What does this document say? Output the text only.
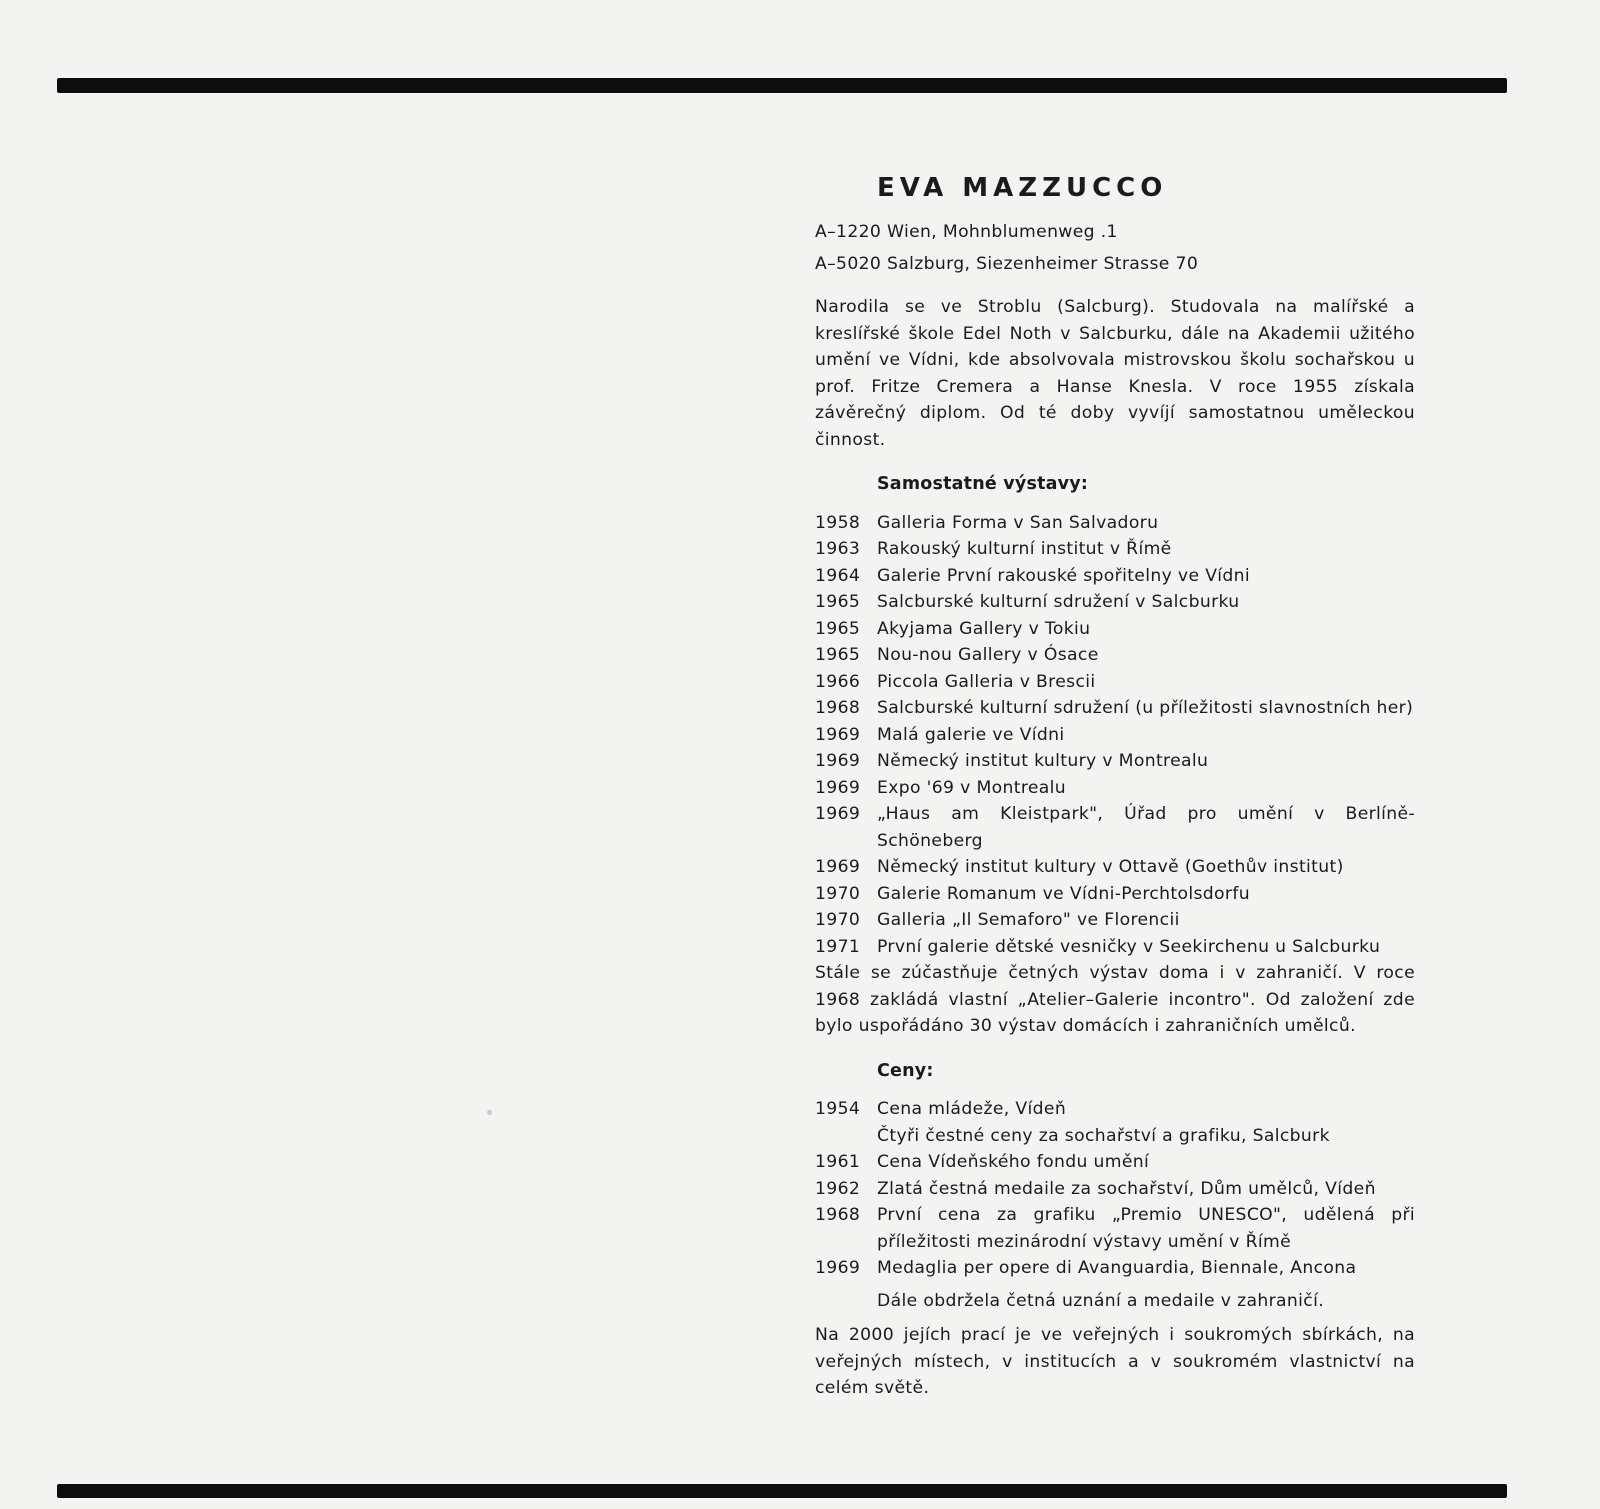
EVA MAZZUCCO

A–1220 Wien, Mohnblumenweg .1

A–5020 Salzburg, Siezenheimer Strasse 70

Narodila se ve Stroblu (Salcburg). Studovala na malířské a kreslířské škole Edel Noth v Salcburku, dále na Akademii užitého umění ve Vídni, kde absolvovala mistrovskou školu sochařskou u prof. Fritze Cremera a Hanse Knesla. V roce 1955 získala závěrečný diplom. Od té doby vyvíjí samostatnou uměleckou činnost.

Samostatné výstavy:
1958 Galleria Forma v San Salvadoru
1963 Rakouský kulturní institut v Římě
1964 Galerie První rakouské spořitelny ve Vídni
1965 Salcburské kulturní sdružení v Salcburku
1965 Akyjama Gallery v Tokiu
1965 Nou-nou Gallery v Ósace
1966 Piccola Galleria v Brescii
1968 Salcburské kulturní sdružení (u příležitosti slavnostních her)
1969 Malá galerie ve Vídni
1969 Německý institut kultury v Montrealu
1969 Expo '69 v Montrealu
1969 „Haus am Kleistpark", Úřad pro umění v Berlíně-Schöneberg
1969 Německý institut kultury v Ottavě (Goethův institut)
1970 Galerie Romanum ve Vídni-Perchtolsdorfu
1970 Galleria „Il Semaforo" ve Florencii
1971 První galerie dětské vesničky v Seekirchenu u Salcburku

Stále se zúčastňuje četných výstav doma i v zahraničí. V roce 1968 zakládá vlastní „Atelier–Galerie incontro". Od založení zde bylo uspořádáno 30 výstav domácích i zahraničních umělců.

Ceny:
1954 Cena mládeže, Vídeň
Čtyři čestné ceny za sochařství a grafiku, Salcburk
1961 Cena Vídeňského fondu umění
1962 Zlatá čestná medaile za sochařství, Dům umělců, Vídeň
1968 První cena za grafiku „Premio UNESCO", udělená při příležitosti mezinárodní výstavy umění v Římě
1969 Medaglia per opere di Avanguardia, Biennale, Ancona
Dále obdržela četná uznání a medaile v zahraničí.

Na 2000 jejích prací je ve veřejných i soukromých sbírkách, na veřejných místech, v institucích a v soukromém vlastnictví na celém světě.
